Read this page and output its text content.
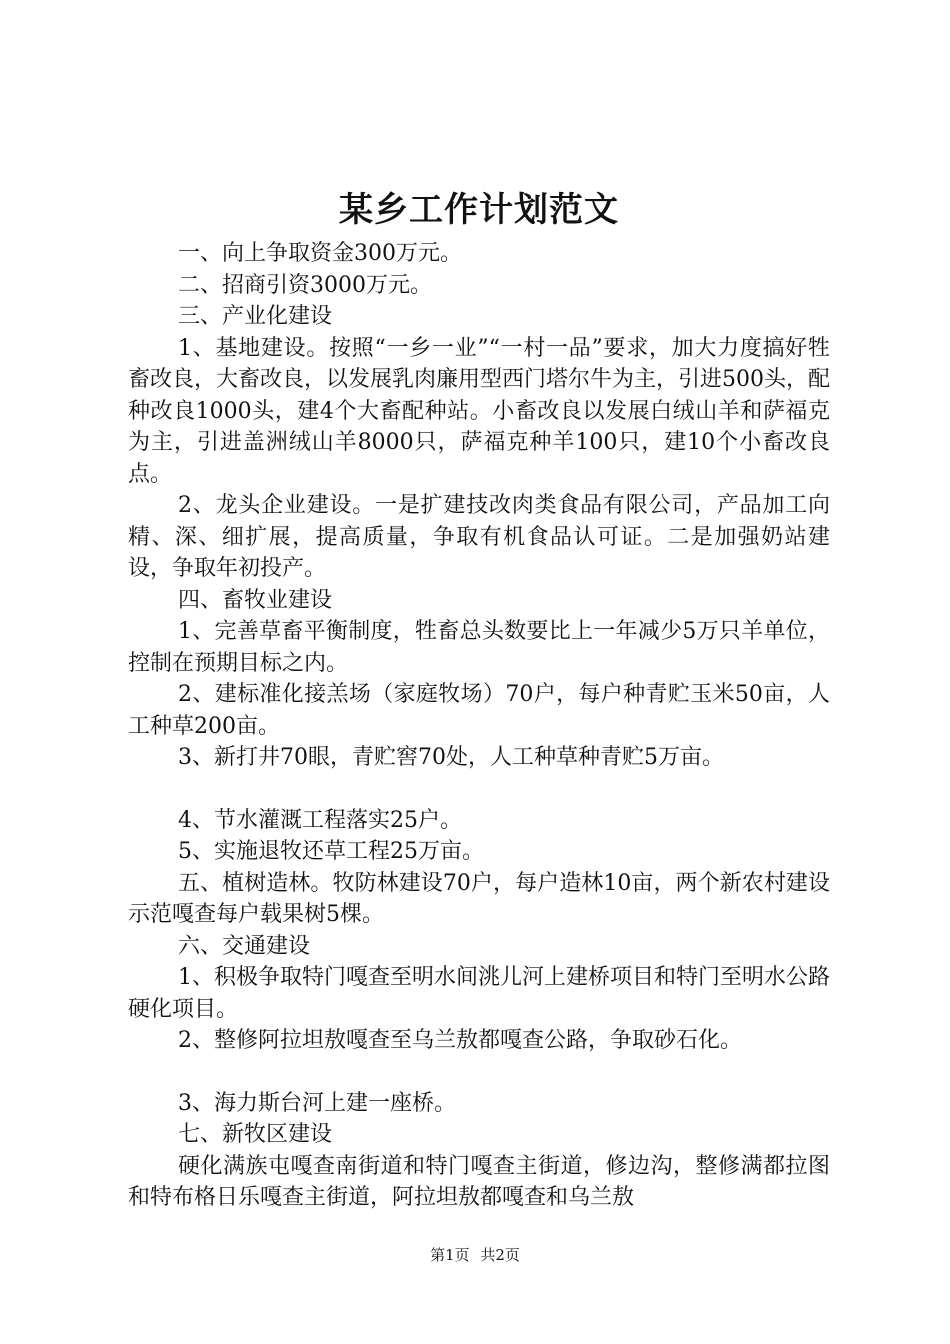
某乡工作计划范文

一、向上争取资金300万元。

二、招商引资3000万元。

三、产业化建设

1、基地建设。按照“一乡一业”“一村一品”要求，加大力度搞好牲畜改良，大畜改良，以发展乳肉廉用型西门塔尔牛为主，引进500头，配种改良1000头，建4个大畜配种站。小畜改良以发展白绒山羊和萨福克为主，引进盖洲绒山羊8000只，萨福克种羊100只，建10个小畜改良点。

2、龙头企业建设。一是扩建技改肉类食品有限公司，产品加工向精、深、细扩展，提高质量，争取有机食品认可证。二是加强奶站建设，争取年初投产。

四、畜牧业建设

1、完善草畜平衡制度，牲畜总头数要比上一年减少5万只羊单位，控制在预期目标之内。

2、建标准化接羔场（家庭牧场）70户，每户种青贮玉米50亩，人工种草200亩。

3、新打井70眼，青贮窖70处，人工种草种青贮5万亩。

4、节水灌溉工程落实25户。

5、实施退牧还草工程25万亩。

五、植树造林。牧防林建设70户，每户造林10亩，两个新农村建设示范嘎查每户载果树5棵。

六、交通建设

1、积极争取特门嘎查至明水间洮儿河上建桥项目和特门至明水公路硬化项目。

2、整修阿拉坦敖嘎查至乌兰敖都嘎查公路，争取砂石化。

3、海力斯台河上建一座桥。

七、新牧区建设

硬化满族屯嘎查南街道和特门嘎查主街道，修边沟，整修满都拉图和特布格日乐嘎查主街道，阿拉坦敖都嘎查和乌兰敖

第1页 共2页
